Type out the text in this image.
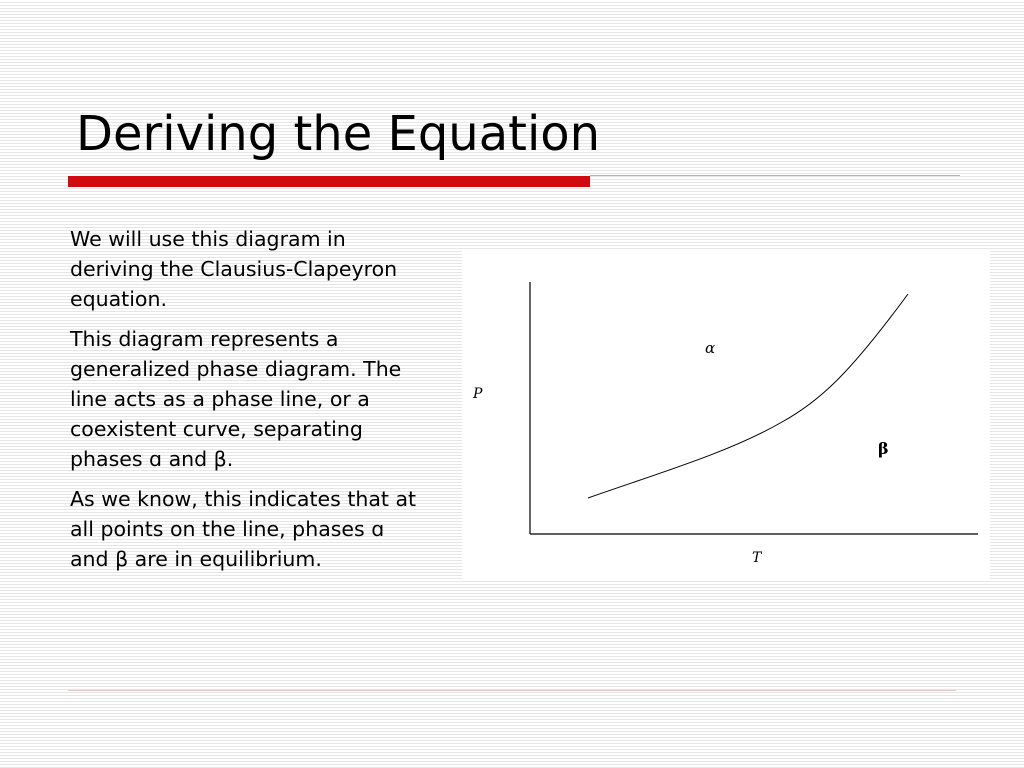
Deriving the Equation

We will use this diagram in deriving the Clausius-Clapeyron equation.

This diagram represents a generalized phase diagram. The line acts as a phase line, or a coexistent curve, separating phases ɑ and β.

As we know, this indicates that at all points on the line, phases ɑ and β are in equilibrium.

P
T
α
β
